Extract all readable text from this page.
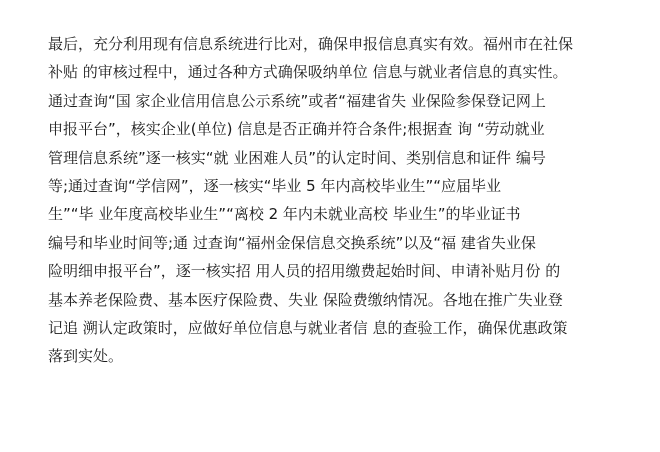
最后，充分利用现有信息系统进行比对，确保申报信息真实有效。福州市在社保
补贴 的审核过程中，通过各种方式确保吸纳单位 信息与就业者信息的真实性。
通过查询“国 家企业信用信息公示系统”或者“福建省失 业保险参保登记网上
申报平台”，核实企业(单位) 信息是否正确并符合条件;根据查 询 “劳动就业
管理信息系统”逐一核实“就 业困难人员”的认定时间、类别信息和证件 编号
等;通过查询“学信网”，逐一核实“毕业 5 年内高校毕业生”“应届毕业
生”“毕 业年度高校毕业生”“离校 2 年内未就业高校 毕业生”的毕业证书
编号和毕业时间等;通 过查询“福州金保信息交换系统”以及“福 建省失业保
险明细申报平台”，逐一核实招 用人员的招用缴费起始时间、申请补贴月份 的
基本养老保险费、基本医疗保险费、失业 保险费缴纳情况。各地在推广失业登
记追 溯认定政策时，应做好单位信息与就业者信 息的查验工作，确保优惠政策
落到实处。
